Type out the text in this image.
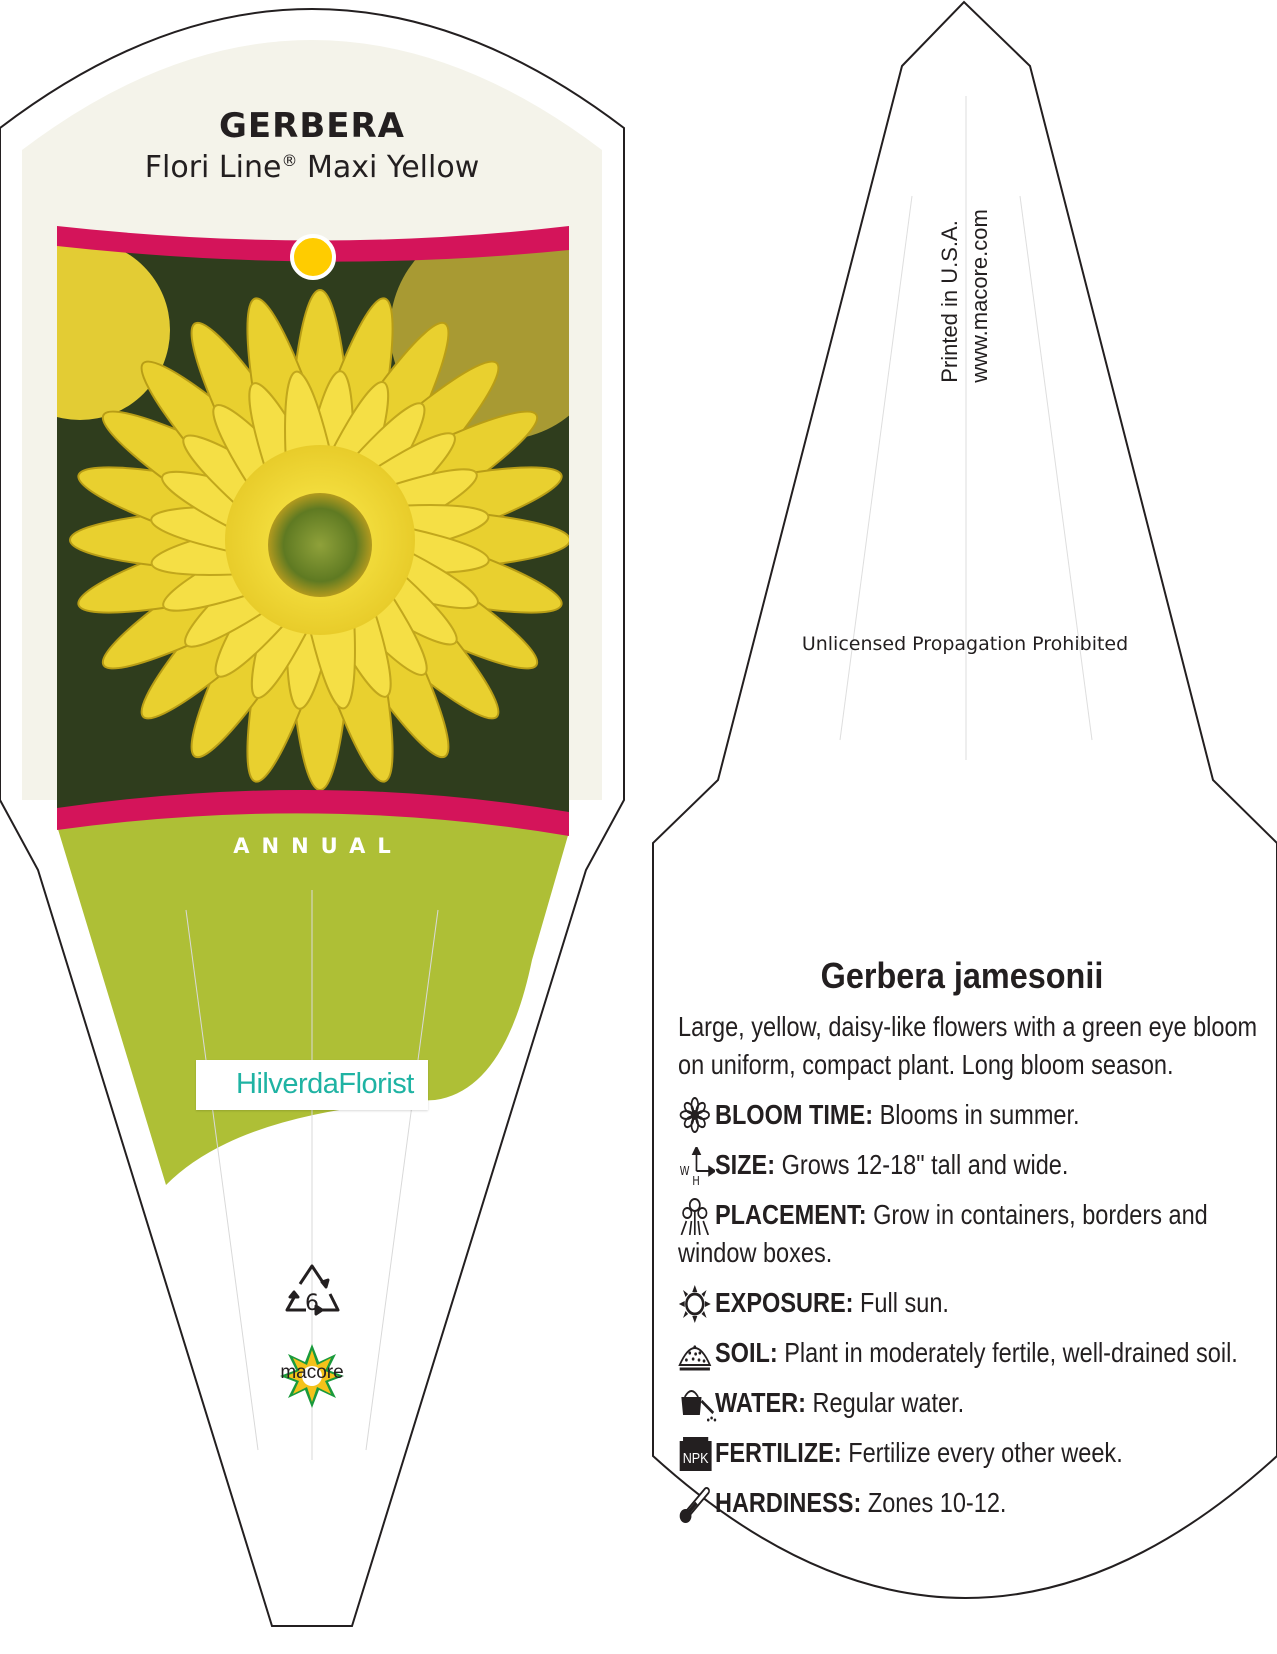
GERBERA
Flori Line® Maxi Yellow
ANNUAL
HilverdaFlorist
6
macore
Printed in U.S.A. www.macore.com
Unlicensed Propagation Prohibited
Gerbera jamesonii

Large, yellow, daisy-like flowers with a green eye bloom on uniform, compact plant. Long bloom season.

BLOOM TIME: Blooms in summer.
W
H
SIZE: Grows 12-18" tall and wide.
PLACEMENT: Grow in containers, borders and window boxes.
EXPOSURE: Full sun.
SOIL: Plant in moderately fertile, well-drained soil.
WATER: Regular water.
NPK FERTILIZE: Fertilize every other week.
HARDINESS: Zones 10-12.
